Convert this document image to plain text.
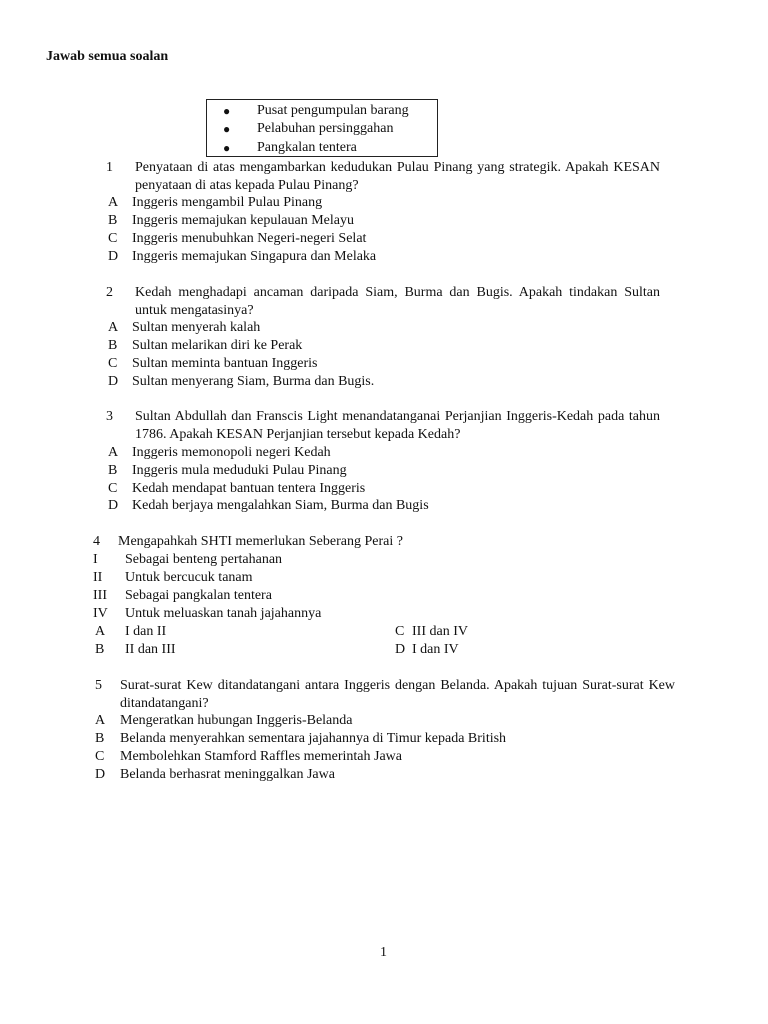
Jawab semua soalan
●	Pusat pengumpulan barang
●	Pelabuhan persinggahan
●	Pangkalan tentera
1 Penyataan di atas mengambarkan kedudukan Pulau Pinang yang strategik. Apakah KESAN penyataan di atas kepada Pulau Pinang?
A Inggeris mengambil Pulau Pinang
B Inggeris memajukan kepulauan Melayu
C Inggeris menubuhkan Negeri-negeri Selat
D Inggeris memajukan Singapura dan Melaka
2 Kedah menghadapi ancaman daripada Siam, Burma dan Bugis. Apakah tindakan Sultan untuk mengatasinya?
A Sultan menyerah kalah
B Sultan melarikan diri ke Perak
C Sultan meminta bantuan Inggeris
D Sultan menyerang Siam, Burma dan Bugis.
3 Sultan Abdullah dan Franscis Light menandatanganai Perjanjian Inggeris-Kedah pada tahun 1786. Apakah KESAN Perjanjian tersebut kepada Kedah?
A Inggeris memonopoli negeri Kedah
B Inggeris mula meduduki Pulau Pinang
C Kedah mendapat bantuan tentera Inggeris
D Kedah berjaya mengalahkan Siam, Burma dan Bugis
4 Mengapahkah SHTI memerlukan Seberang Perai ?
I Sebagai benteng pertahanan
II Untuk bercucuk tanam
III Sebagai pangkalan tentera
IV Untuk meluaskan tanah jajahannya
A I dan II
B II dan III
C III dan IV
D I dan IV
5 Surat-surat Kew ditandatangani antara Inggeris dengan Belanda. Apakah tujuan Surat-surat Kew ditandatangani?
A Mengeratkan hubungan Inggeris-Belanda
B Belanda menyerahkan sementara jajahannya di Timur kepada British
C Membolehkan Stamford Raffles memerintah Jawa
D Belanda berhasrat meninggalkan Jawa
1
